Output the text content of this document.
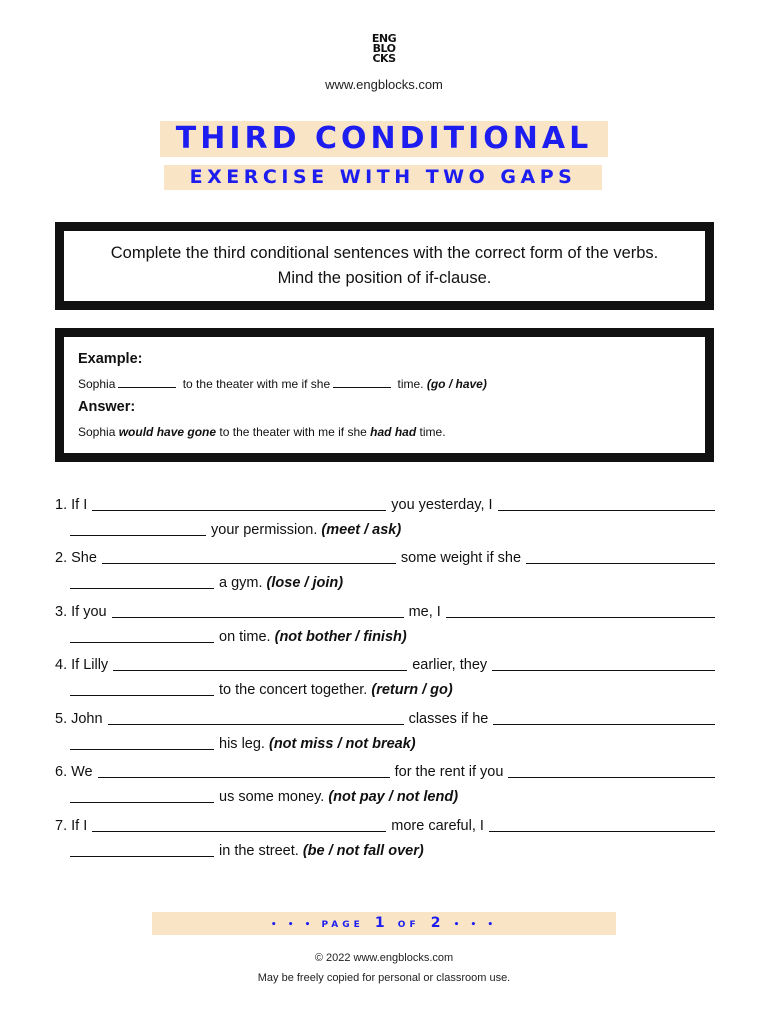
ENG
BLO
CKS
www.engblocks.com
THIRD CONDITIONAL
EXERCISE WITH TWO GAPS
Complete the third conditional sentences with the correct form of the verbs. Mind the position of if-clause.
Example:
Sophia	to the theater with me if she	time. (go / have)
Answer:
Sophia would have gone to the theater with me if she had had time.
1. If I	you yesterday, I
your permission.
(meet / ask)
2. She	some weight if she
a gym.
(lose / join)
3. If you	me, I
on time.
(not bother / finish)
4. If Lilly	earlier, they
to the concert together.
(return / go)
5. John	classes if he
his leg.
(not miss / not break)
6. We	for the rent if you
us some money.
(not pay / not lend)
7. If I	more careful, I
in the street.
(be / not fall over)
• • • PAGE 1 OF 2 • • •
© 2022 www.engblocks.com
May be freely copied for personal or classroom use.
